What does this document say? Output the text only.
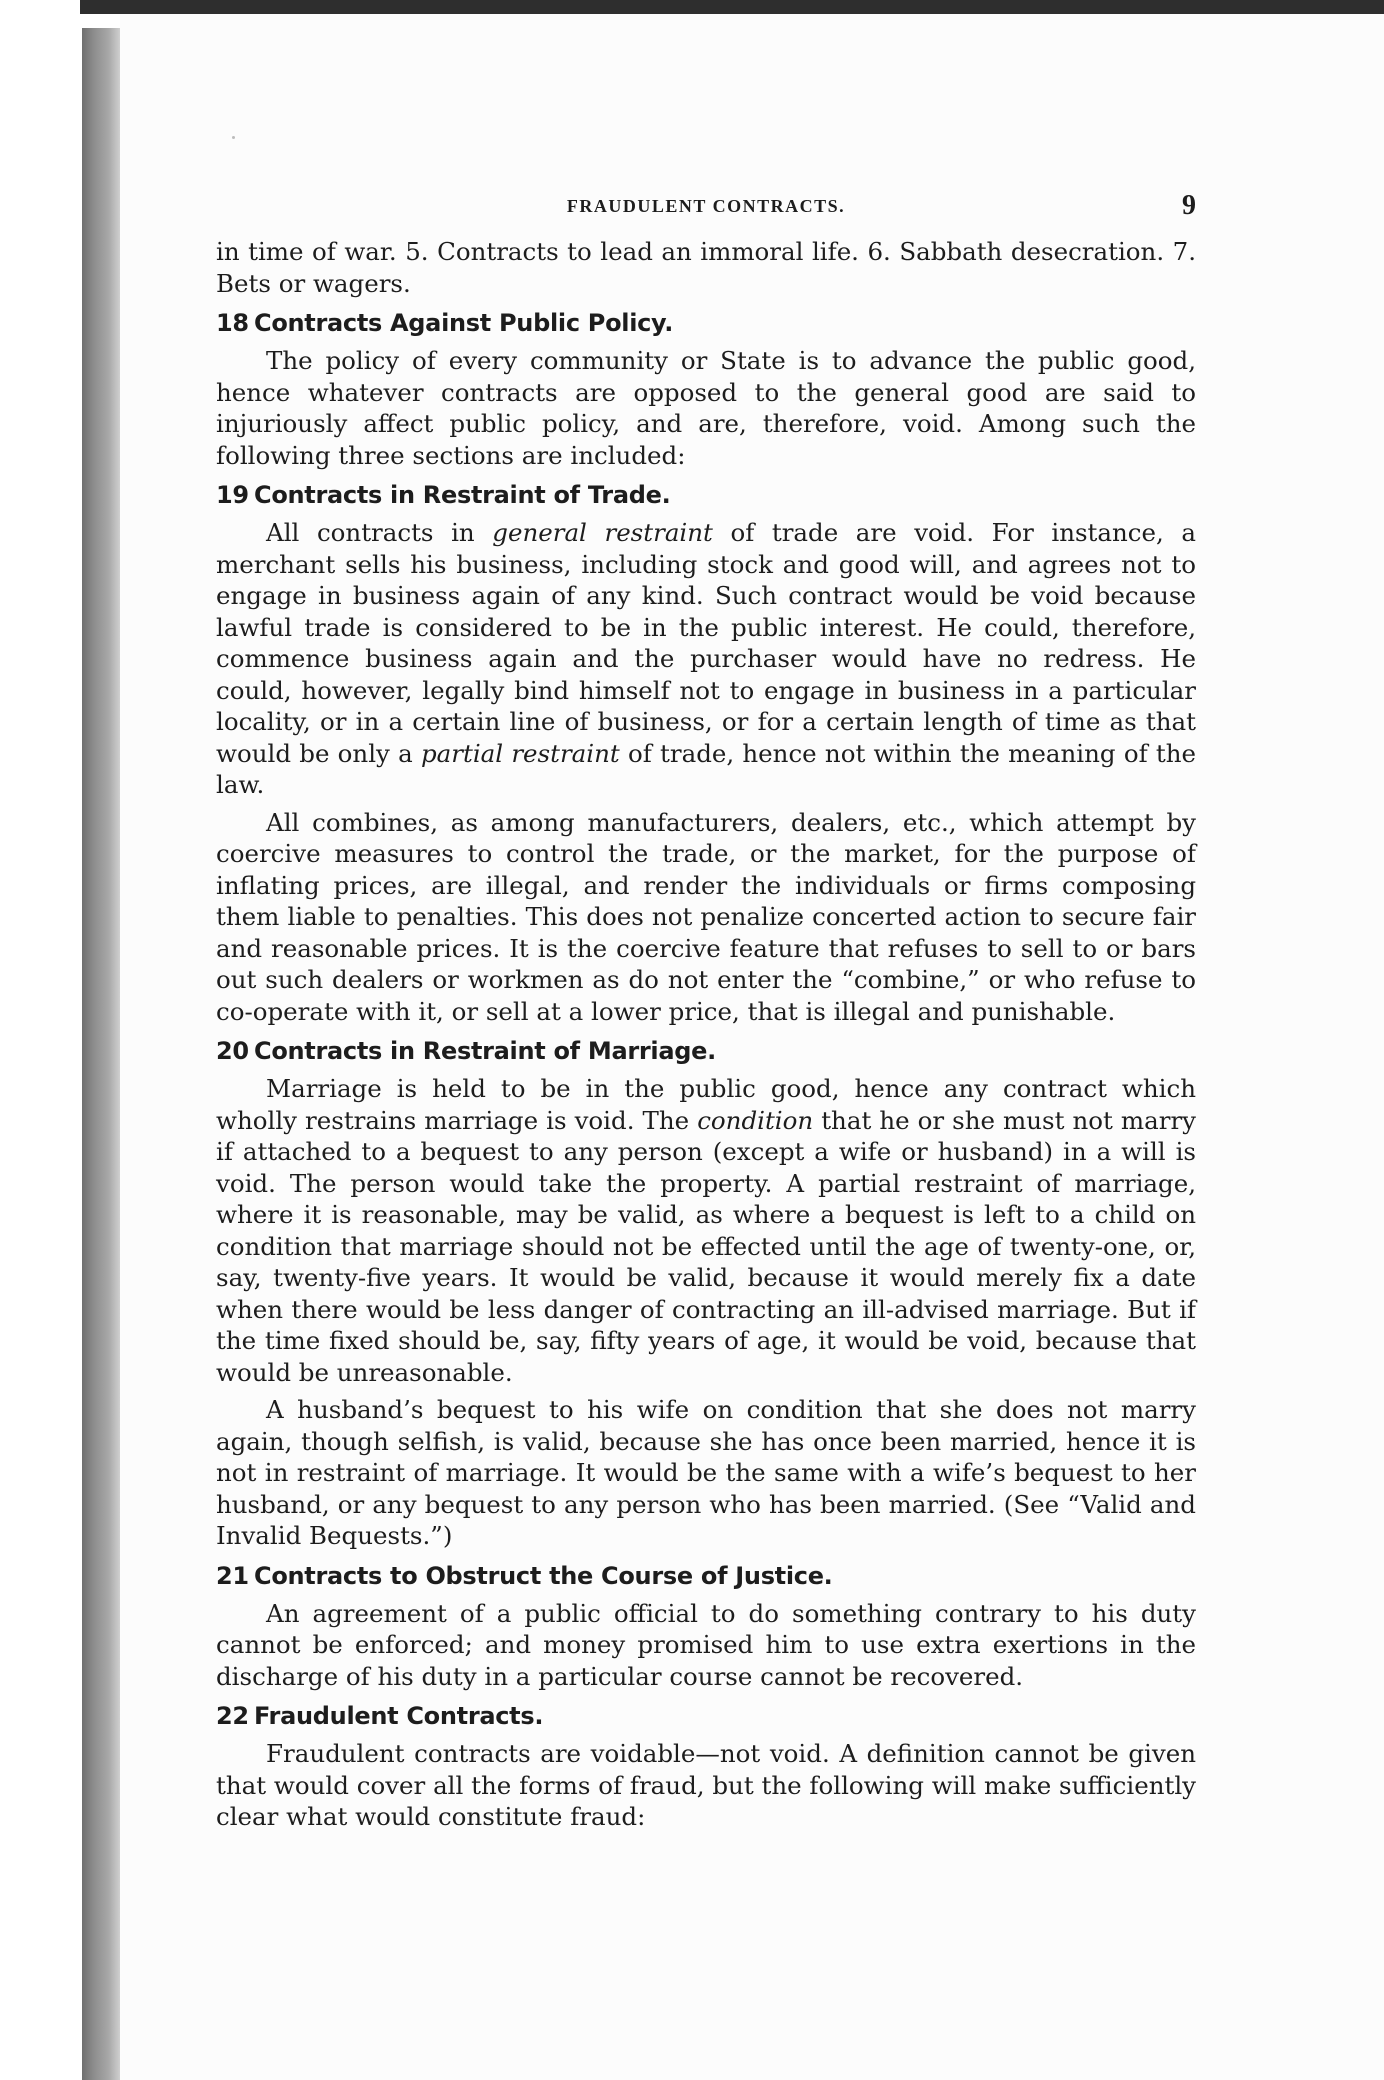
FRAUDULENT CONTRACTS.	9

in time of war. 5. Contracts to lead an immoral life. 6. Sabbath desecration. 7. Bets or wagers.

18 Contracts Against Public Policy.

The policy of every community or State is to advance the public good, hence whatever contracts are opposed to the general good are said to injuriously affect public policy, and are, therefore, void. Among such the following three sections are included:

19 Contracts in Restraint of Trade.

All contracts in general restraint of trade are void. For instance, a merchant sells his business, including stock and good will, and agrees not to engage in business again of any kind. Such contract would be void because lawful trade is considered to be in the public interest. He could, therefore, commence business again and the purchaser would have no redress. He could, however, legally bind himself not to engage in business in a particular locality, or in a certain line of business, or for a certain length of time as that would be only a partial restraint of trade, hence not within the meaning of the law.

All combines, as among manufacturers, dealers, etc., which attempt by coercive measures to control the trade, or the market, for the purpose of inflating prices, are illegal, and render the individuals or firms composing them liable to penalties. This does not penalize concerted action to secure fair and reasonable prices. It is the coercive feature that refuses to sell to or bars out such dealers or workmen as do not enter the “combine,” or who refuse to co-operate with it, or sell at a lower price, that is illegal and punishable.

20 Contracts in Restraint of Marriage.

Marriage is held to be in the public good, hence any contract which wholly restrains marriage is void. The condition that he or she must not marry if attached to a bequest to any person (except a wife or husband) in a will is void. The person would take the property. A partial restraint of marriage, where it is reasonable, may be valid, as where a bequest is left to a child on condition that marriage should not be effected until the age of twenty-one, or, say, twenty-five years. It would be valid, because it would merely fix a date when there would be less danger of contracting an ill-advised marriage. But if the time fixed should be, say, fifty years of age, it would be void, because that would be unreasonable.

A husband’s bequest to his wife on condition that she does not marry again, though selfish, is valid, because she has once been married, hence it is not in restraint of marriage. It would be the same with a wife’s bequest to her husband, or any bequest to any person who has been married. (See “Valid and Invalid Bequests.”)

21 Contracts to Obstruct the Course of Justice.

An agreement of a public official to do something contrary to his duty cannot be enforced; and money promised him to use extra exertions in the discharge of his duty in a particular course cannot be recovered.

22 Fraudulent Contracts.

Fraudulent contracts are voidable—not void. A definition cannot be given that would cover all the forms of fraud, but the following will make sufficiently clear what would constitute fraud:
